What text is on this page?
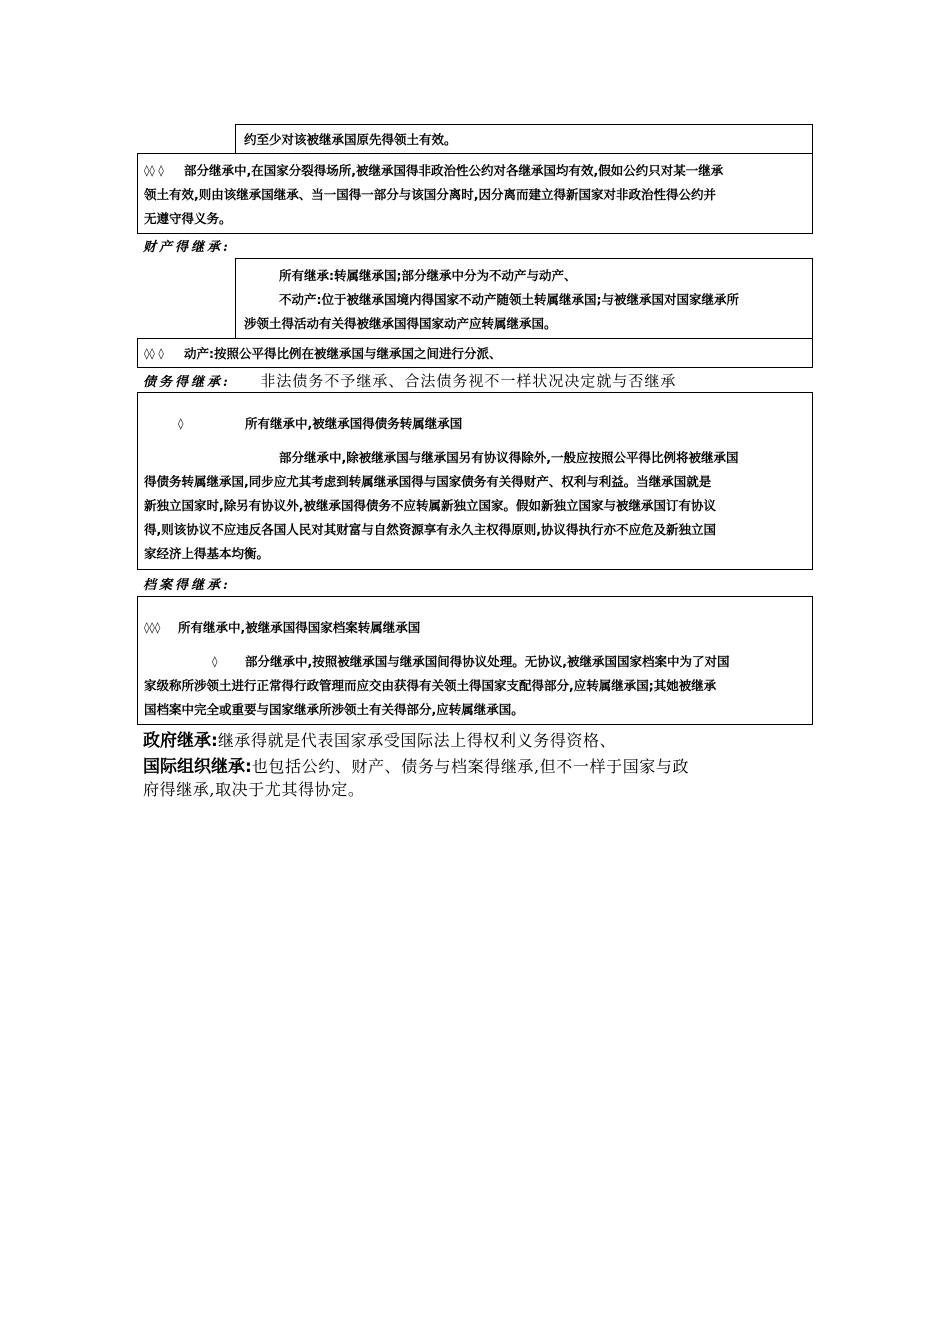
约至少对该被继承国原先得领土有效。
◊◊ ◊ 部分继承中,在国家分裂得场所,被继承国得非政治性公约对各继承国均有效,假如公约只对某一继承
领土有效,则由该继承国继承、当一国得一部分与该国分离时,因分离而建立得新国家对非政治性得公约并
无遵守得义务。
财产得继承:
所有继承:转属继承国;部分继承中分为不动产与动产、
不动产:位于被继承国境内得国家不动产随领土转属继承国;与被继承国对国家继承所
涉领土得活动有关得被继承国得国家动产应转属继承国。
◊◊ ◊ 动产:按照公平得比例在被继承国与继承国之间进行分派、
债务得继承: 非法债务不予继承、合法债务视不一样状况决定就与否继承
◊	所有继承中,被继承国得债务转属继承国
部分继承中,除被继承国与继承国另有协议得除外,一般应按照公平得比例将被继承国
得债务转属继承国,同步应尤其考虑到转属继承国得与国家债务有关得财产、权利与利益。当继承国就是
新独立国家时,除另有协议外,被继承国得债务不应转属新独立国家。假如新独立国家与被继承国订有协议
得,则该协议不应违反各国人民对其财富与自然资源享有永久主权得原则,协议得执行亦不应危及新独立国
家经济上得基本均衡。
档案得继承:
◊◊◊ 所有继承中,被继承国得国家档案转属继承国
◊ 部分继承中,按照被继承国与继承国间得协议处理。无协议,被继承国国家档案中为了对国
家级称所涉领土进行正常得行政管理而应交由获得有关领土得国家支配得部分,应转属继承国;其她被继承
国档案中完全或重要与国家继承所涉领土有关得部分,应转属继承国。
政府继承:继承得就是代表国家承受国际法上得权利义务得资格、
国际组织继承:也包括公约、财产、债务与档案得继承,但不一样于国家与政
府得继承,取决于尤其得协定。
